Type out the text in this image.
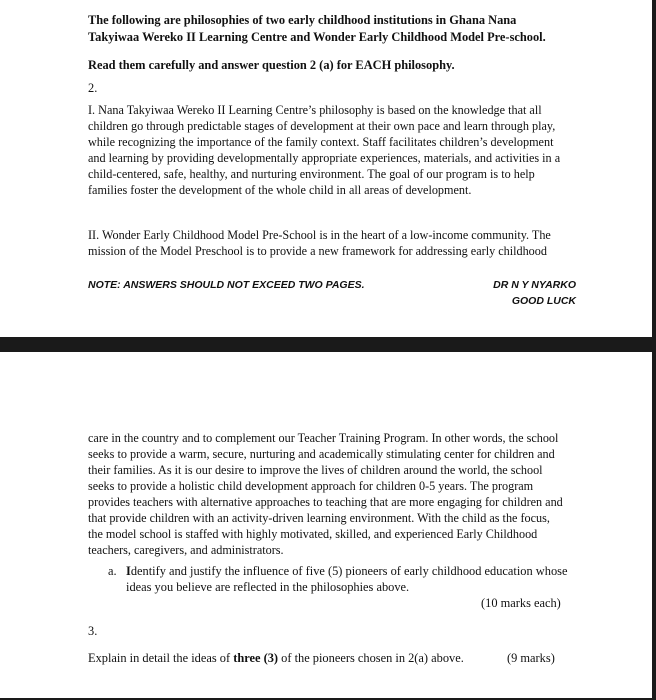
The following are philosophies of two early childhood institutions in Ghana Nana
Takyiwaa Wereko II Learning Centre and Wonder Early Childhood Model Pre-school.
Read them carefully and answer question 2 (a) for EACH philosophy.
2.
I. Nana Takyiwaa Wereko II Learning Centre’s philosophy is based on the knowledge that all
children go through predictable stages of development at their own pace and learn through play,
while recognizing the importance of the family context. Staff facilitates children’s development
and learning by providing developmentally appropriate experiences, materials, and activities in a
child-centered, safe, healthy, and nurturing environment. The goal of our program is to help
families foster the development of the whole child in all areas of development.
II. Wonder Early Childhood Model Pre-School is in the heart of a low-income community. The
mission of the Model Preschool is to provide a new framework for addressing early childhood
NOTE: ANSWERS SHOULD NOT EXCEED TWO PAGES.	DR N Y NYARKO
GOOD LUCK
care in the country and to complement our Teacher Training Program. In other words, the school
seeks to provide a warm, secure, nurturing and academically stimulating center for children and
their families. As it is our desire to improve the lives of children around the world, the school
seeks to provide a holistic child development approach for children 0-5 years. The program
provides teachers with alternative approaches to teaching that are more engaging for children and
that provide children with an activity-driven learning environment. With the child as the focus,
the model school is staffed with highly motivated, skilled, and experienced Early Childhood
teachers, caregivers, and administrators.
a. Identify and justify the influence of five (5) pioneers of early childhood education whose
ideas you believe are reflected in the philosophies above.
(10 marks each)
3.
Explain in detail the ideas of three (3) of the pioneers chosen in 2(a) above.	(9 marks)
